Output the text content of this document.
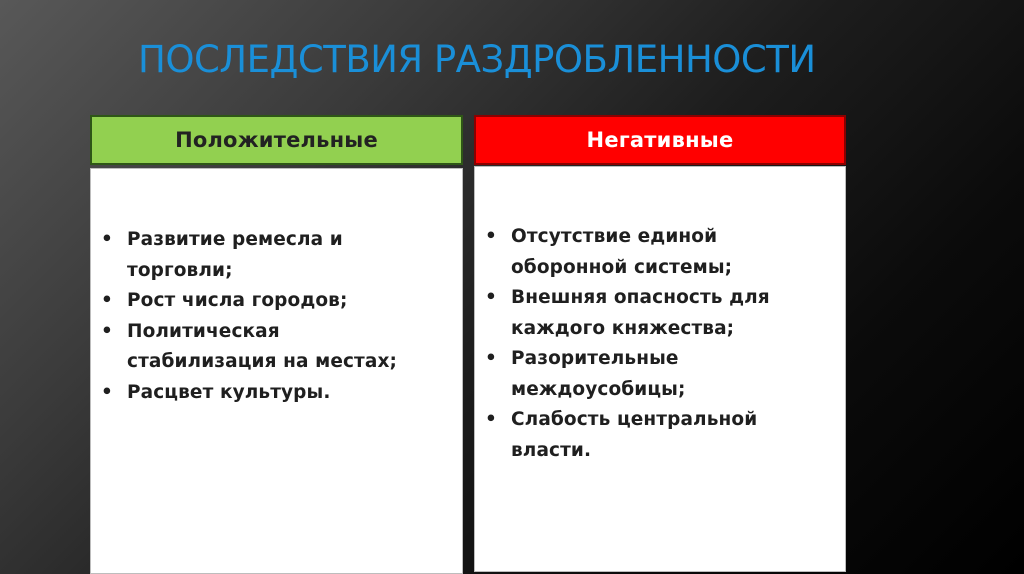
ПОСЛЕДСТВИЯ РАЗДРОБЛЕННОСТИ
Положительные
• Развитие ремесла и
торговли;
• Рост числа городов;
• Политическая
стабилизация на местах;
• Расцвет культуры.
Негативные
• Отсутствие единой
оборонной системы;
• Внешняя опасность для
каждого княжества;
• Разорительные
междоусобицы;
• Слабость центральной
власти.
